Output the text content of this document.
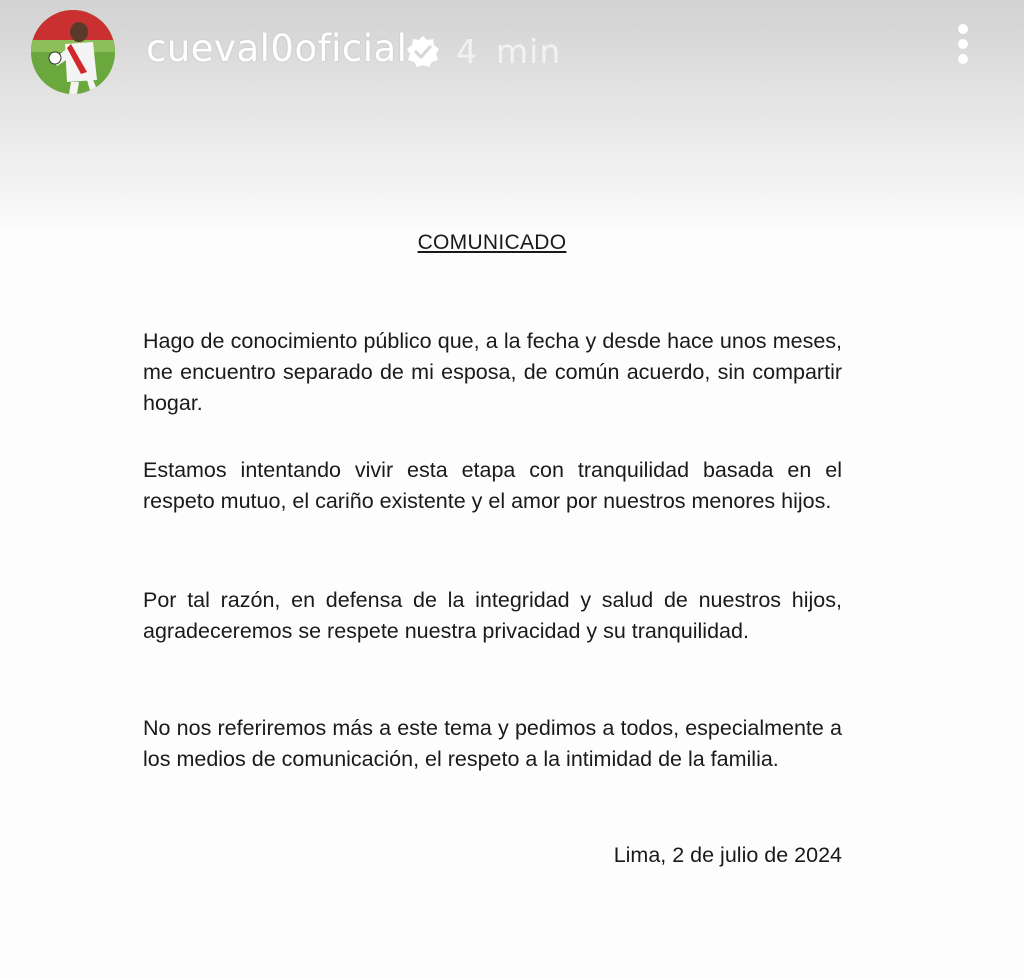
cueval0oficial 4 min
COMUNICADO
Hago de conocimiento público que, a la fecha y desde hace unos meses, me encuentro separado de mi esposa, de común acuerdo, sin compartir hogar.
Estamos intentando vivir esta etapa con tranquilidad basada en el respeto mutuo, el cariño existente y el amor por nuestros menores hijos.
Por tal razón, en defensa de la integridad y salud de nuestros hijos, agradeceremos se respete nuestra privacidad y su tranquilidad.
No nos referiremos más a este tema y pedimos a todos, especialmente a los medios de comunicación, el respeto a la intimidad de la familia.
Lima, 2 de julio de 2024
